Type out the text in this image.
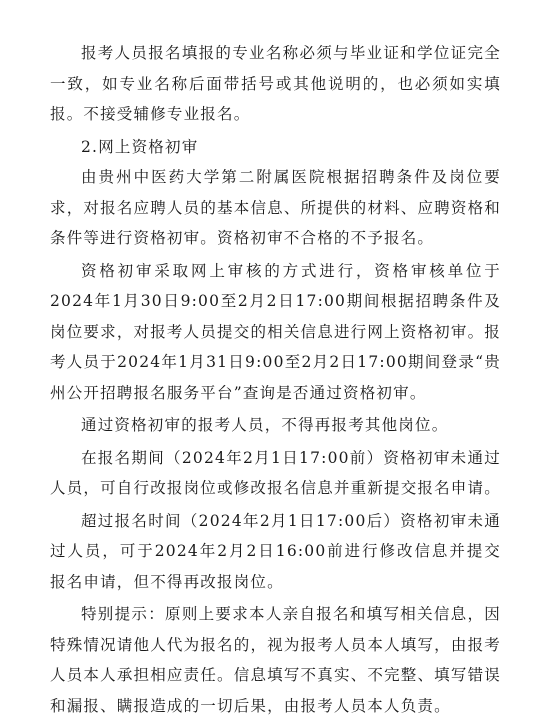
报考人员报名填报的专业名称必须与毕业证和学位证完全一致，如专业名称后面带括号或其他说明的，也必须如实填报。不接受辅修专业报名。

2.网上资格初审

由贵州中医药大学第二附属医院根据招聘条件及岗位要求，对报名应聘人员的基本信息、所提供的材料、应聘资格和条件等进行资格初审。资格初审不合格的不予报名。

资格初审采取网上审核的方式进行，资格审核单位于2024年1月30日9:00至2月2日17:00期间根据招聘条件及岗位要求，对报考人员提交的相关信息进行网上资格初审。报考人员于2024年1月31日9:00至2月2日17:00期间登录“贵州公开招聘报名服务平台”查询是否通过资格初审。

通过资格初审的报考人员，不得再报考其他岗位。

在报名期间（2024年2月1日17:00前）资格初审未通过人员，可自行改报岗位或修改报名信息并重新提交报名申请。

超过报名时间（2024年2月1日17:00后）资格初审未通过人员，可于2024年2月2日16:00前进行修改信息并提交报名申请，但不得再改报岗位。

特别提示：原则上要求本人亲自报名和填写相关信息，因特殊情况请他人代为报名的，视为报考人员本人填写，由报考人员本人承担相应责任。信息填写不真实、不完整、填写错误和漏报、瞒报造成的一切后果，由报考人员本人负责。
